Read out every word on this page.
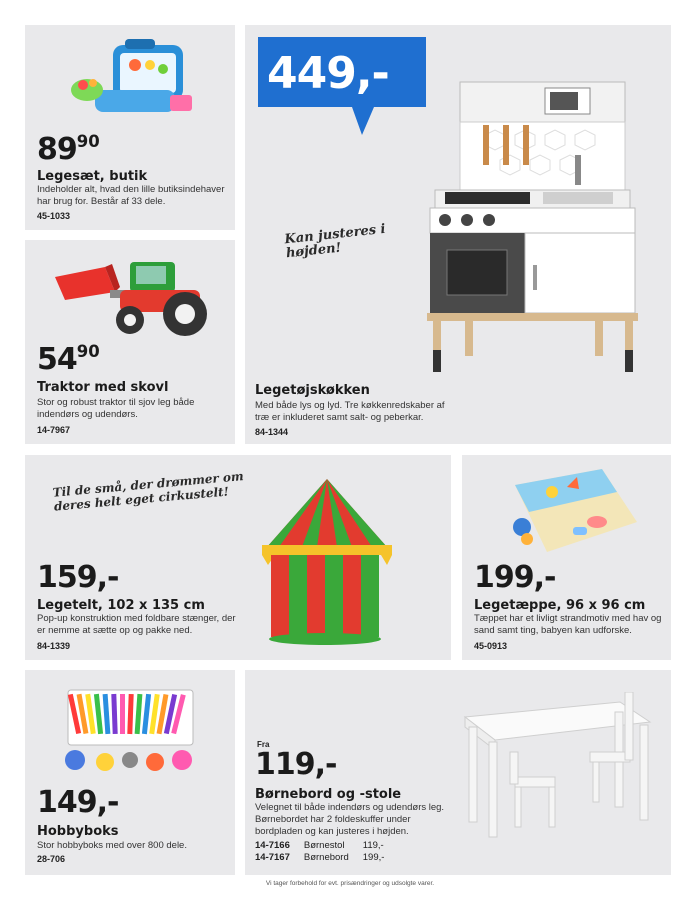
$89^{90}$
Legesæt, butik
Indeholder alt, hvad den lille butiksindehaver har brug for. Består af 33 dele.
45-1033
$54^{90}$
Traktor med skovl
Stor og robust traktor til sjov leg både indendørs og udendørs.
14-7967
449,-
Kan justeres i højden!
Legetøjskøkken
Med både lys og lyd. Tre køkkenredskaber af træ er inkluderet samt salt- og peberkar.
84-1344
Til de små, der drømmer om deres helt eget cirkustelt!
159,-
Legetelt, 102 x 135 cm
Pop-up konstruktion med foldbare stænger, der er nemme at sætte op og pakke ned.
84-1339
199,-
Legetæppe, 96 x 96 cm
Tæppet har et livligt strandmotiv med hav og sand samt ting, babyen kan udforske.
45-0913
149,-
Hobbyboks
Stor hobbyboks med over 800 dele.
28-706
Fra
119,-
Børnebord og -stole
Velegnet til både indendørs og udendørs leg. Børnebordet har 2 foldeskuffer under bordpladen og kan justeres i højden.
14-7166	Børnestol	119,-
14-7167	Børnebord	199,-
Vi tager forbehold for evt. prisændringer og udsolgte varer.
